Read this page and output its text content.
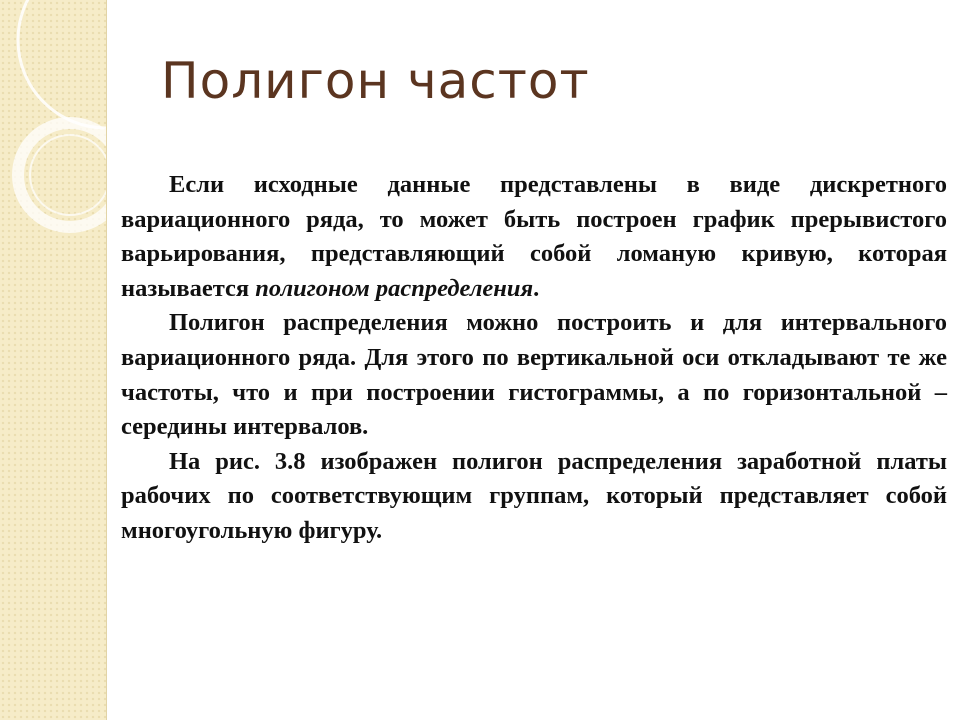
Полигон частот

Если исходные данные представлены в виде дискретного вариационного ряда, то может быть построен график прерывистого варьирования, представляющий собой ломаную кривую, которая называется полигоном распределения.

Полигон распределения можно построить и для интервального вариационного ряда. Для этого по вертикальной оси откладывают те же частоты, что и при построении гистограммы, а по горизонтальной – середины интервалов.

На рис. 3.8 изображен полигон распределения заработной платы рабочих по соответствующим группам, который представляет собой многоугольную фигуру.
